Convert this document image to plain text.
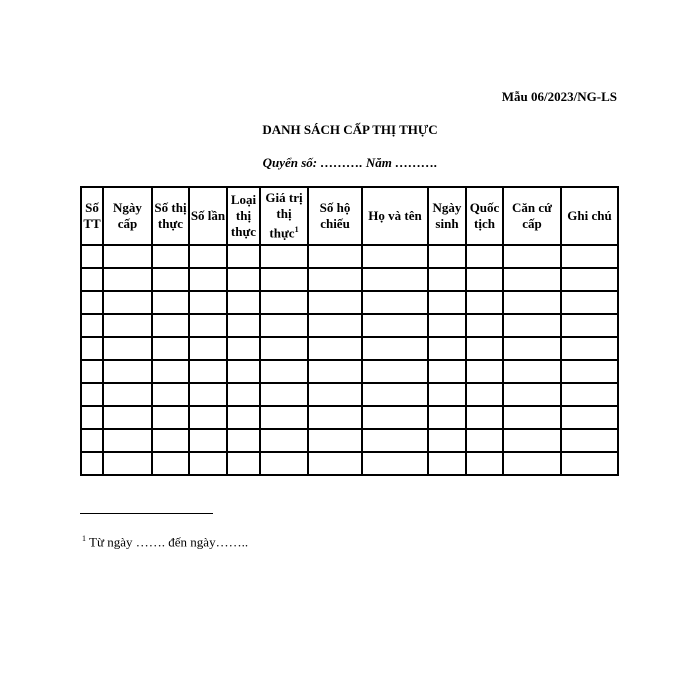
Mẫu 06/2023/NG-LS
DANH SÁCH CẤP THỊ THỰC
Quyển số: ………. Năm ……….
Số TT	Ngày cấp	Số thị thực	Số lần	Loại thị thực	Giá trị thị thực$^1$	Số hộ chiếu	Họ và tên	Ngày sinh	Quốc tịch	Căn cứ cấp	Ghi chú

$^1$ Từ ngày ……. đến ngày……..
